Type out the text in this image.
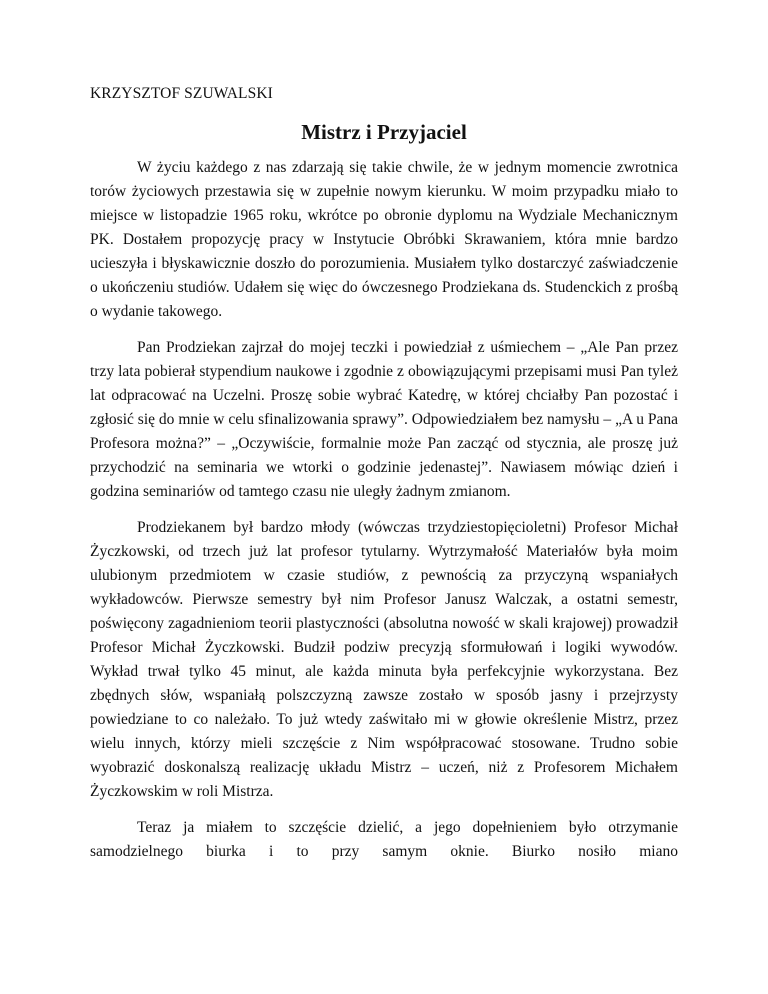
KRZYSZTOF SZUWALSKI
Mistrz i Przyjaciel

W życiu każdego z nas zdarzają się takie chwile, że w jednym momencie zwrotnica torów życiowych przestawia się w zupełnie nowym kierunku. W moim przypadku miało to miejsce w listopadzie 1965 roku, wkrótce po obronie dyplomu na Wydziale Mechanicznym PK. Dostałem propozycję pracy w Instytucie Obróbki Skrawaniem, która mnie bardzo ucieszyła i błyskawicznie doszło do porozumienia. Musiałem tylko dostarczyć zaświadczenie o ukończeniu studiów. Udałem się więc do ówczesnego Prodziekana ds. Studenckich z prośbą o wydanie takowego.

Pan Prodziekan zajrzał do mojej teczki i powiedział z uśmiechem – „Ale Pan przez trzy lata pobierał stypendium naukowe i zgodnie z obowiązującymi przepisami musi Pan tyleż lat odpracować na Uczelni. Proszę sobie wybrać Katedrę, w której chciałby Pan pozostać i zgłosić się do mnie w celu sfinalizowania sprawy”. Odpowiedziałem bez namysłu – „A u Pana Profesora można?” – „Oczywiście, formalnie może Pan zacząć od stycznia, ale proszę już przychodzić na seminaria we wtorki o godzinie jedenastej”. Nawiasem mówiąc dzień i godzina seminariów od tamtego czasu nie uległy żadnym zmianom.

Prodziekanem był bardzo młody (wówczas trzydziestopięcioletni) Profesor Michał Życzkowski, od trzech już lat profesor tytularny. Wytrzymałość Materiałów była moim ulubionym przedmiotem w czasie studiów, z pewnością za przyczyną wspaniałych wykładowców. Pierwsze semestry był nim Profesor Janusz Walczak, a ostatni semestr, poświęcony zagadnieniom teorii plastyczności (absolutna nowość w skali krajowej) prowadził Profesor Michał Życzkowski. Budził podziw precyzją sformułowań i logiki wywodów. Wykład trwał tylko 45 minut, ale każda minuta była perfekcyjnie wykorzystana. Bez zbędnych słów, wspaniałą polszczyzną zawsze zostało w sposób jasny i przejrzysty powiedziane to co należało. To już wtedy zaświtało mi w głowie określenie Mistrz, przez wielu innych, którzy mieli szczęście z Nim współpracować stosowane. Trudno sobie wyobrazić doskonalszą realizację układu Mistrz – uczeń, niż z Profesorem Michałem Życzkowskim w roli Mistrza.

Teraz ja miałem to szczęście dzielić, a jego dopełnieniem było otrzymanie samodzielnego biurka i to przy samym oknie. Biurko nosiło miano
